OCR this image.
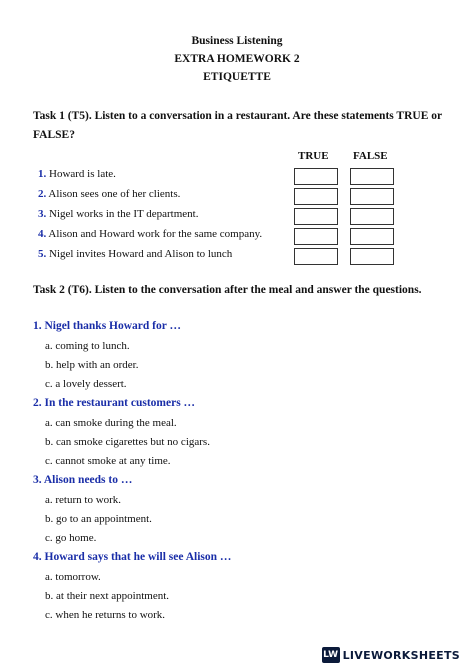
Business Listening
EXTRA HOMEWORK 2
ETIQUETTE
Task 1 (T5). Listen to a conversation in a restaurant. Are these statements TRUE or
FALSE?
TRUE FALSE
1. Howard is late.
2. Alison sees one of her clients.
3. Nigel works in the IT department.
4. Alison and Howard work for the same company.
5. Nigel invites Howard and Alison to lunch
Task 2 (T6). Listen to the conversation after the meal and answer the questions.
1. Nigel thanks Howard for …
a. coming to lunch.
b. help with an order.
c. a lovely dessert.
2. In the restaurant customers …
a. can smoke during the meal.
b. can smoke cigarettes but no cigars.
c. cannot smoke at any time.
3. Alison needs to …
a. return to work.
b. go to an appointment.
c. go home.
4. Howard says that he will see Alison …
a. tomorrow.
b. at their next appointment.
c. when he returns to work.
LW LIVEWORKSHEETS
